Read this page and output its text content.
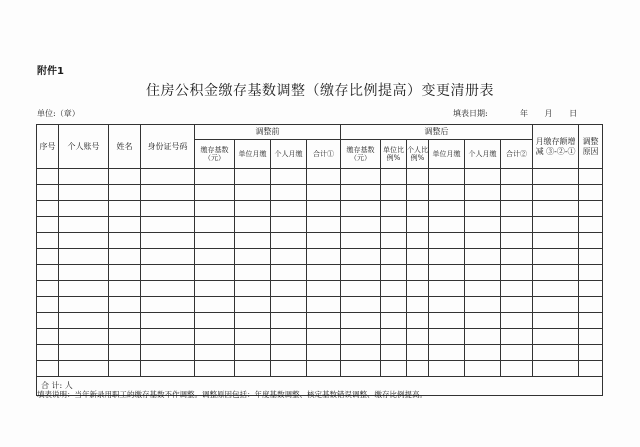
附件1
住房公积金缴存基数调整（缴存比例提高）变更清册表
单位:（章）	填表日期:	年 月 日
序号	个人账号	姓名	身份证号码	调整前				调整后						月缴存额增减 ③-②-①	调整原因
				缴存基数（元）	单位月缴	个人月缴	合计①	缴存基数（元）	单位比例%	个人比例%	单位月缴	个人月缴	合计②		

合 计: 人															
填表说明：当年新录用职工的缴存基数不作调整。调整原因包括：年度基数调整、核定基数错误调整、缴存比例提高。
